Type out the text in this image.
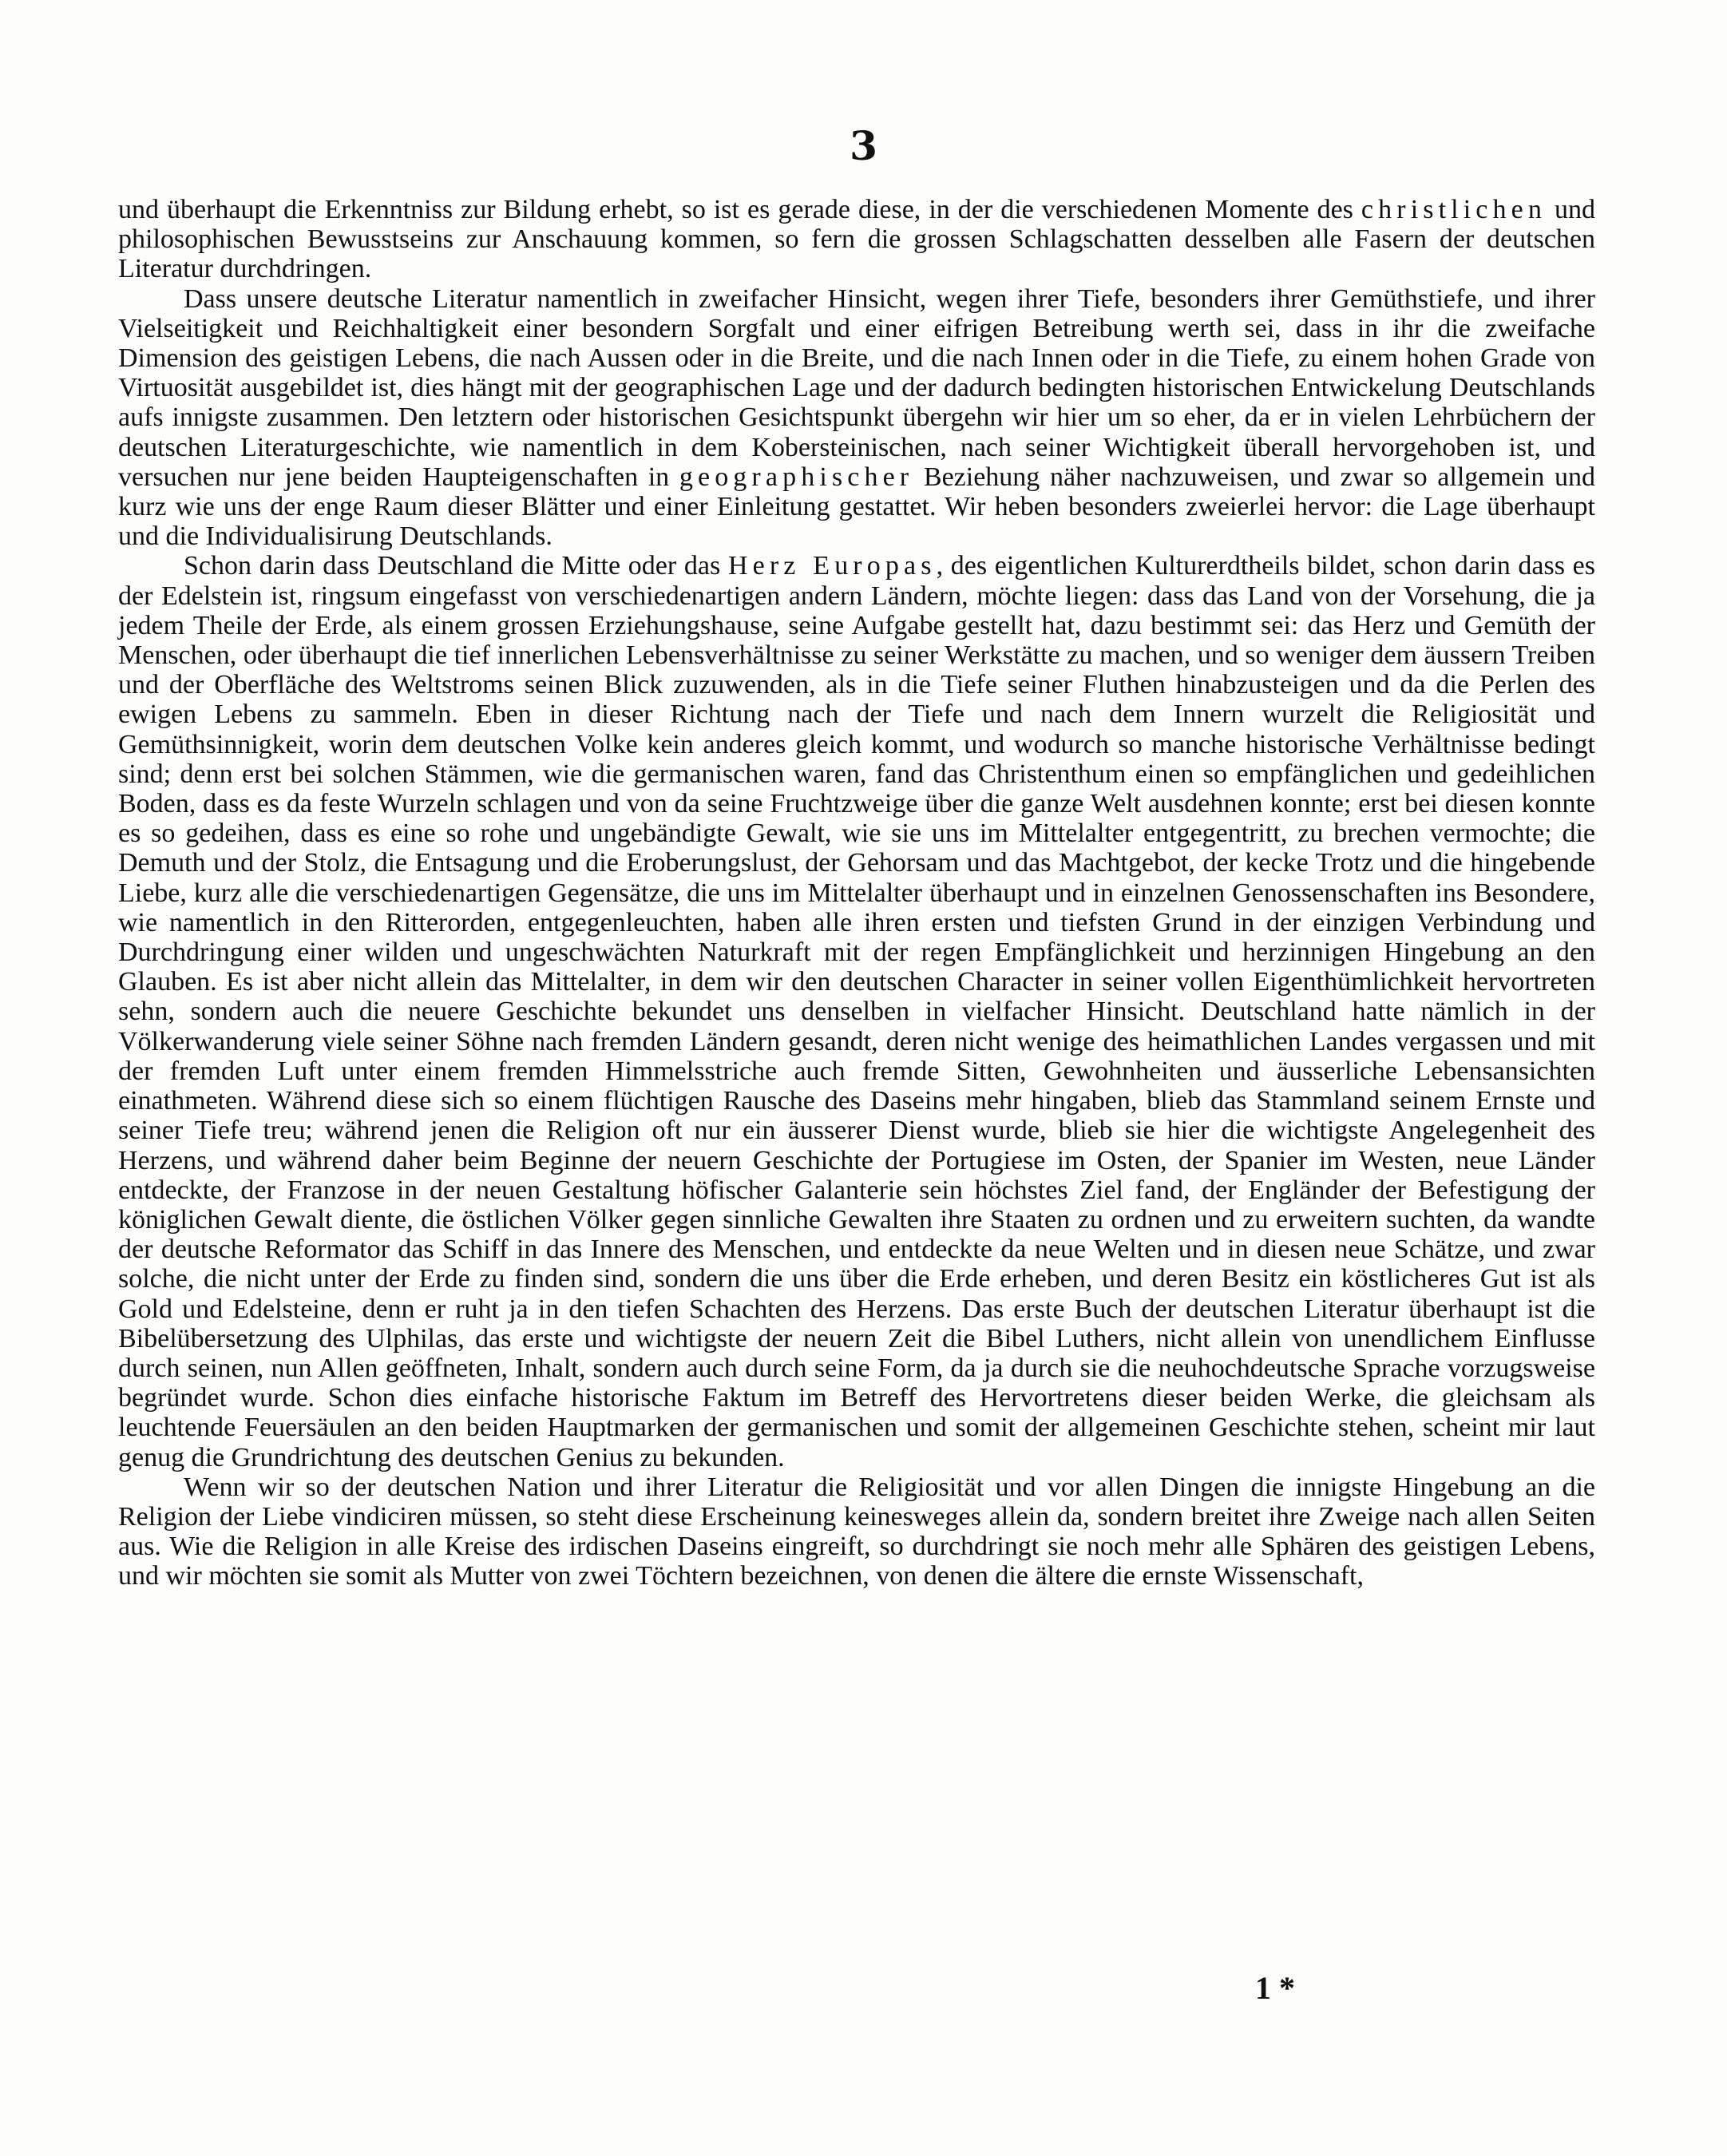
3

und überhaupt die Erkenntniss zur Bildung erhebt, so ist es gerade diese, in der die verschiedenen Momente des christlichen und philosophischen Bewusstseins zur Anschauung kommen, so fern die grossen Schlagschatten desselben alle Fasern der deutschen Literatur durchdringen.

Dass unsere deutsche Literatur namentlich in zweifacher Hinsicht, wegen ihrer Tiefe, besonders ihrer Gemüthstiefe, und ihrer Vielseitigkeit und Reichhaltigkeit einer besondern Sorgfalt und einer eifrigen Betreibung werth sei, dass in ihr die zweifache Dimension des geistigen Lebens, die nach Aussen oder in die Breite, und die nach Innen oder in die Tiefe, zu einem hohen Grade von Virtuosität ausgebildet ist, dies hängt mit der geographischen Lage und der dadurch bedingten historischen Entwickelung Deutschlands aufs innigste zusammen. Den letztern oder historischen Gesichtspunkt übergehn wir hier um so eher, da er in vielen Lehrbüchern der deutschen Literaturgeschichte, wie namentlich in dem Kobersteinischen, nach seiner Wichtigkeit überall hervorgehoben ist, und versuchen nur jene beiden Haupteigenschaften in geographischer Beziehung näher nachzuweisen, und zwar so allgemein und kurz wie uns der enge Raum dieser Blätter und einer Einleitung gestattet. Wir heben besonders zweierlei hervor: die Lage überhaupt und die Individualisirung Deutschlands.

Schon darin dass Deutschland die Mitte oder das Herz Europas, des eigentlichen Kulturerdtheils bildet, schon darin dass es der Edelstein ist, ringsum eingefasst von verschiedenartigen andern Ländern, möchte liegen: dass das Land von der Vorsehung, die ja jedem Theile der Erde, als einem grossen Erziehungshause, seine Aufgabe gestellt hat, dazu bestimmt sei: das Herz und Gemüth der Menschen, oder überhaupt die tief innerlichen Lebensverhältnisse zu seiner Werkstätte zu machen, und so weniger dem äussern Treiben und der Oberfläche des Weltstroms seinen Blick zuzuwenden, als in die Tiefe seiner Fluthen hinabzusteigen und da die Perlen des ewigen Lebens zu sammeln. Eben in dieser Richtung nach der Tiefe und nach dem Innern wurzelt die Religiosität und Gemüthsinnigkeit, worin dem deutschen Volke kein anderes gleich kommt, und wodurch so manche historische Verhältnisse bedingt sind; denn erst bei solchen Stämmen, wie die germanischen waren, fand das Christenthum einen so empfänglichen und gedeihlichen Boden, dass es da feste Wurzeln schlagen und von da seine Fruchtzweige über die ganze Welt ausdehnen konnte; erst bei diesen konnte es so gedeihen, dass es eine so rohe und ungebändigte Gewalt, wie sie uns im Mittelalter entgegentritt, zu brechen vermochte; die Demuth und der Stolz, die Entsagung und die Eroberungslust, der Gehorsam und das Machtgebot, der kecke Trotz und die hingebende Liebe, kurz alle die verschiedenartigen Gegensätze, die uns im Mittelalter überhaupt und in einzelnen Genossenschaften ins Besondere, wie namentlich in den Ritterorden, entgegenleuchten, haben alle ihren ersten und tiefsten Grund in der einzigen Verbindung und Durchdringung einer wilden und ungeschwächten Naturkraft mit der regen Empfänglichkeit und herzinnigen Hingebung an den Glauben. Es ist aber nicht allein das Mittelalter, in dem wir den deutschen Character in seiner vollen Eigenthümlichkeit hervortreten sehn, sondern auch die neuere Geschichte bekundet uns denselben in vielfacher Hinsicht. Deutschland hatte nämlich in der Völkerwanderung viele seiner Söhne nach fremden Ländern gesandt, deren nicht wenige des heimathlichen Landes vergassen und mit der fremden Luft unter einem fremden Himmelsstriche auch fremde Sitten, Gewohnheiten und äusserliche Lebensansichten einathmeten. Während diese sich so einem flüchtigen Rausche des Daseins mehr hingaben, blieb das Stammland seinem Ernste und seiner Tiefe treu; während jenen die Religion oft nur ein äusserer Dienst wurde, blieb sie hier die wichtigste Angelegenheit des Herzens, und während daher beim Beginne der neuern Geschichte der Portugiese im Osten, der Spanier im Westen, neue Länder entdeckte, der Franzose in der neuen Gestaltung höfischer Galanterie sein höchstes Ziel fand, der Engländer der Befestigung der königlichen Gewalt diente, die östlichen Völker gegen sinnliche Gewalten ihre Staaten zu ordnen und zu erweitern suchten, da wandte der deutsche Reformator das Schiff in das Innere des Menschen, und entdeckte da neue Welten und in diesen neue Schätze, und zwar solche, die nicht unter der Erde zu finden sind, sondern die uns über die Erde erheben, und deren Besitz ein köstlicheres Gut ist als Gold und Edelsteine, denn er ruht ja in den tiefen Schachten des Herzens. Das erste Buch der deutschen Literatur überhaupt ist die Bibelübersetzung des Ulphilas, das erste und wichtigste der neuern Zeit die Bibel Luthers, nicht allein von unendlichem Einflusse durch seinen, nun Allen geöffneten, Inhalt, sondern auch durch seine Form, da ja durch sie die neuhochdeutsche Sprache vorzugsweise begründet wurde. Schon dies einfache historische Faktum im Betreff des Hervortretens dieser beiden Werke, die gleichsam als leuchtende Feuersäulen an den beiden Hauptmarken der germanischen und somit der allgemeinen Geschichte stehen, scheint mir laut genug die Grundrichtung des deutschen Genius zu bekunden.

Wenn wir so der deutschen Nation und ihrer Literatur die Religiosität und vor allen Dingen die innigste Hingebung an die Religion der Liebe vindiciren müssen, so steht diese Erscheinung keinesweges allein da, sondern breitet ihre Zweige nach allen Seiten aus. Wie die Religion in alle Kreise des irdischen Daseins eingreift, so durchdringt sie noch mehr alle Sphären des geistigen Lebens, und wir möchten sie somit als Mutter von zwei Töchtern bezeichnen, von denen die ältere die ernste Wissenschaft,

1 *
